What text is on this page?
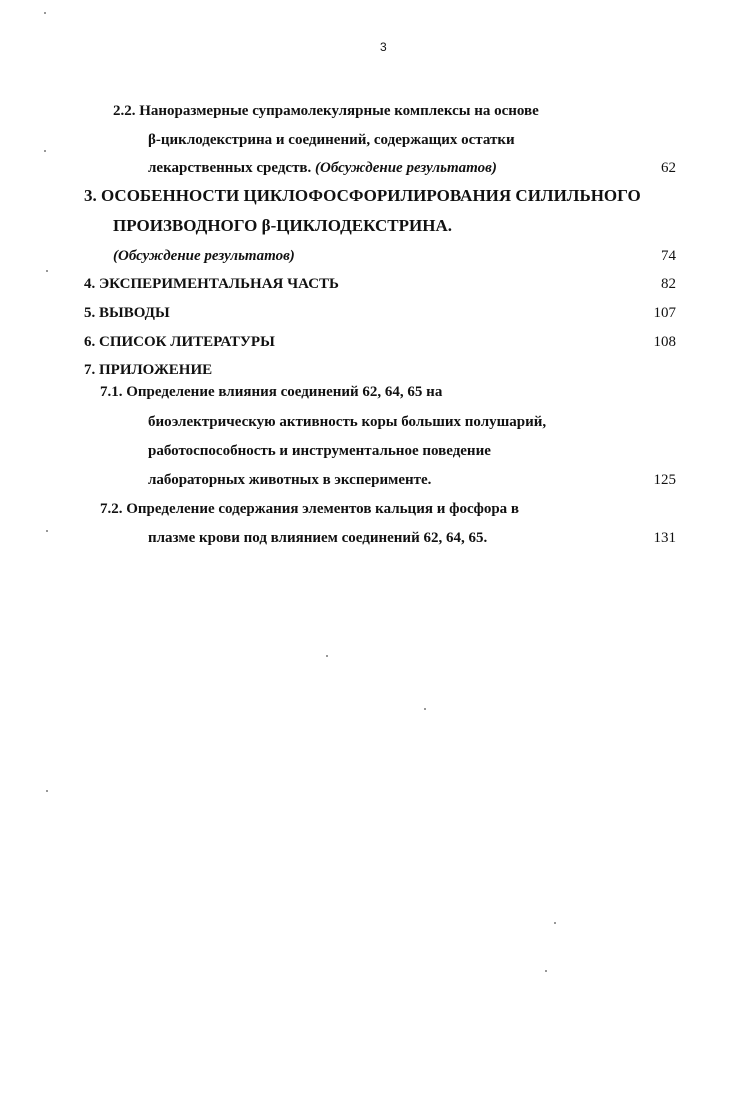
3
2.2. Наноразмерные супрамолекулярные комплексы на основе
β-циклодекстрина и соединений, содержащих остатки
лекарственных средств. (Обсуждение результатов)	62
3. ОСОБЕННОСТИ ЦИКЛОФОСФОРИЛИРОВАНИЯ СИЛИЛЬНОГО
ПРОИЗВОДНОГО β-ЦИКЛОДЕКСТРИНА.
(Обсуждение результатов)	74
4. ЭКСПЕРИМЕНТАЛЬНАЯ ЧАСТЬ	82
5. ВЫВОДЫ	107
6. СПИСОК ЛИТЕРАТУРЫ	108
7. ПРИЛОЖЕНИЕ
7.1. Определение влияния соединений 62, 64, 65 на
биоэлектрическую активность коры больших полушарий,
работоспособность и инструментальное поведение
лабораторных животных в эксперименте.	125
7.2. Определение содержания элементов кальция и фосфора в
плазме крови под влиянием соединений 62, 64, 65.	131
